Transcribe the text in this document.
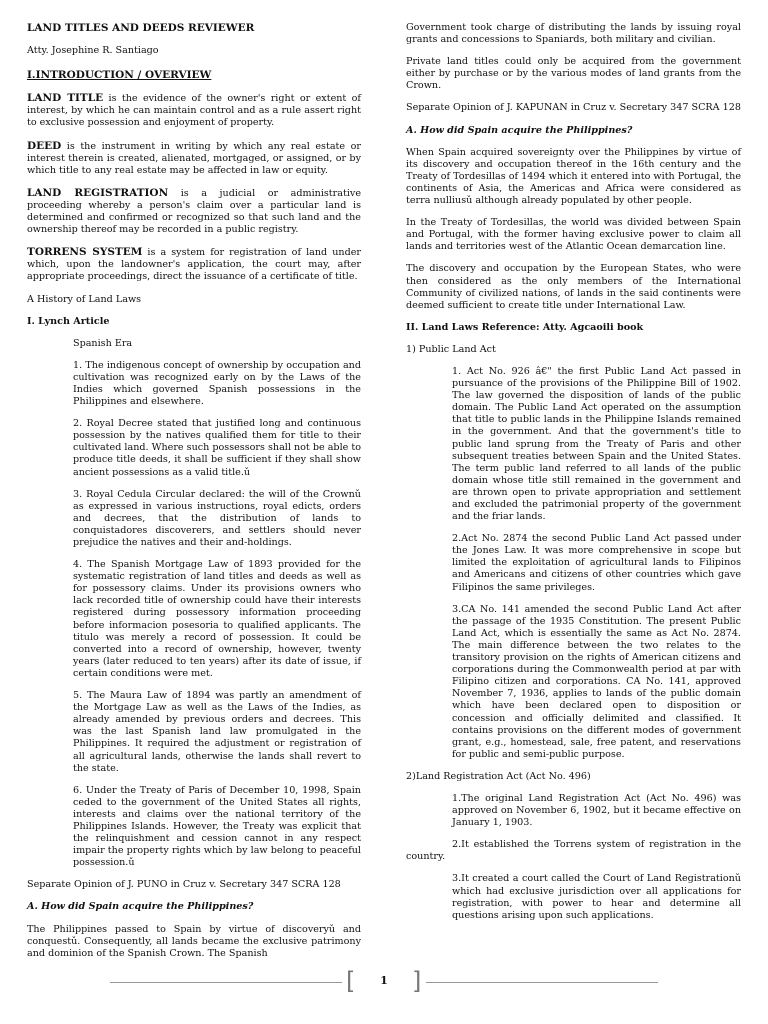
LAND TITLES AND DEEDS REVIEWER

Atty. Josephine R. Santiago

I.INTRODUCTION / OVERVIEW

LAND TITLE is the evidence of the owner's right or extent of interest, by which he can maintain control and as a rule assert right to exclusive possession and enjoyment of property.

DEED is the instrument in writing by which any real estate or interest therein is created, alienated, mortgaged, or assigned, or by which title to any real estate may be affected in law or equity.

LAND REGISTRATION is a judicial or administrative proceeding whereby a person's claim over a particular land is determined and confirmed or recognized so that such land and the ownership thereof may be recorded in a public registry.

TORRENS SYSTEM is a system for registration of land under which, upon the landowner's application, the court may, after appropriate proceedings, direct the issuance of a certificate of title.

A History of Land Laws

I. Lynch Article

Spanish Era

1. The indigenous concept of ownership by occupation and cultivation was recognized early on by the Laws of the Indies which governed Spanish possessions in the Philippines and elsewhere.

2. Royal Decree stated that justified long and continuous possession by the natives qualified them for title to their cultivated land. Where such possessors shall not be able to produce title deeds, it shall be sufficient if they shall show ancient possessions as a valid title.ǔ

3. Royal Cedula Circular declared: the will of the Crownǔ as expressed in various instructions, royal edicts, orders and decrees, that the distribution of lands to conquistadores discoverers, and settlers should never prejudice the natives and their and-holdings.

4. The Spanish Mortgage Law of 1893 provided for the systematic registration of land titles and deeds as well as for possessory claims. Under its provisions owners who lack recorded title of ownership could have their interests registered during possessory information proceeding before informacion posesoria to qualified applicants. The titulo was merely a record of possession. It could be converted into a record of ownership, however, twenty years (later reduced to ten years) after its date of issue, if certain conditions were met.

5. The Maura Law of 1894 was partly an amendment of the Mortgage Law as well as the Laws of the Indies, as already amended by previous orders and decrees. This was the last Spanish land law promulgated in the Philippines. It required the adjustment or registration of all agricultural lands, otherwise the lands shall revert to the state.

6. Under the Treaty of Paris of December 10, 1998, Spain ceded to the government of the United States all rights, interests and claims over the national territory of the Philippines Islands. However, the Treaty was explicit that the relinquishment and cession cannot in any respect impair the property rights which by law belong to peaceful possession.ǔ

Separate Opinion of J. PUNO in Cruz v. Secretary 347 SCRA 128

A. How did Spain acquire the Philippines?

The Philippines passed to Spain by virtue of discoveryǔ and conquestǔ. Consequently, all lands became the exclusive patrimony and dominion of the Spanish Crown. The Spanish

Government took charge of distributing the lands by issuing royal grants and concessions to Spaniards, both military and civilian.

Private land titles could only be acquired from the government either by purchase or by the various modes of land grants from the Crown.

Separate Opinion of J. KAPUNAN in Cruz v. Secretary 347 SCRA 128

A. How did Spain acquire the Philippines?

When Spain acquired sovereignty over the Philippines by virtue of its discovery and occupation thereof in the 16th century and the Treaty of Tordesillas of 1494 which it entered into with Portugal, the continents of Asia, the Americas and Africa were considered as terra nulliusǔ although already populated by other people.

In the Treaty of Tordesillas, the world was divided between Spain and Portugal, with the former having exclusive power to claim all lands and territories west of the Atlantic Ocean demarcation line.

The discovery and occupation by the European States, who were then considered as the only members of the International Community of civilized nations, of lands in the said continents were deemed sufficient to create title under International Law.

II. Land Laws Reference: Atty. Agcaoili book

1) Public Land Act

1. Act No. 926 â€" the first Public Land Act passed in pursuance of the provisions of the Philippine Bill of 1902. The law governed the disposition of lands of the public domain. The Public Land Act operated on the assumption that title to public lands in the Philippine Islands remained in the government. And that the government's title to public land sprung from the Treaty of Paris and other subsequent treaties between Spain and the United States. The term public land referred to all lands of the public domain whose title still remained in the government and are thrown open to private appropriation and settlement and excluded the patrimonial property of the government and the friar lands.

2.Act No. 2874 the second Public Land Act passed under the Jones Law. It was more comprehensive in scope but limited the exploitation of agricultural lands to Filipinos and Americans and citizens of other countries which gave Filipinos the same privileges.

3.CA No. 141 amended the second Public Land Act after the passage of the 1935 Constitution. The present Public Land Act, which is essentially the same as Act No. 2874. The main difference between the two relates to the transitory provision on the rights of American citizens and corporations during the Commonwealth period at par with Filipino citizen and corporations. CA No. 141, approved November 7, 1936, applies to lands of the public domain which have been declared open to disposition or concession and officially delimited and classified. It contains provisions on the different modes of government grant, e.g., homestead, sale, free patent, and reservations for public and semi-public purpose.

2)Land Registration Act (Act No. 496)

1.The original Land Registration Act (Act No. 496) was approved on November 6, 1902, but it became effective on January 1, 1903.

2.It established the Torrens system of registration in the country.

3.It created a court called the Court of Land Registrationǔ which had exclusive jurisdiction over all applications for registration, with power to hear and determine all questions arising upon such applications.

[	1 ]
